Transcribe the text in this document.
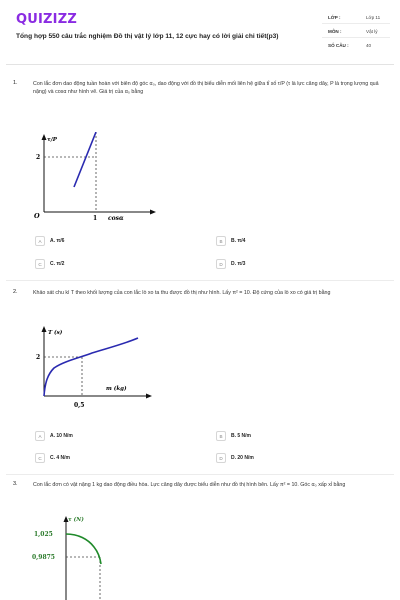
QUIZIZZ
Tổng hợp 550 câu trắc nghiệm Đồ thị vật lý lớp 11, 12 cực hay có lời giải chi tiết(p3)
LỚP :	Lớp 11
MÔN :	Vật lý
SỐ CÂU :	40
1.	Con lắc đơn dao động tuần hoàn với biên độ góc α₀, dao động với đồ thị biểu diễn mối liên hệ giữa tỉ số τ/P (τ là lực căng dây, P là trọng lượng quả nặng) và cosα như hình vẽ. Giá trị của α₀ bằng
τ/P
2
O	1 cosα
A	A. π/6	B	B. π/4
C	C. π/2	D	D. π/3
2.	Khảo sát chu kì T theo khối lượng của con lắc lò xo ta thu được đồ thị như hình. Lấy π² = 10. Độ cứng của lò xo có giá trị bằng
T (s)
2
m (kg)
0,5
A	A. 10 N/m	B	B. 5 N/m
C	C. 4 N/m	D	D. 20 N/m
3.	Con lắc đơn có vật nặng 1 kg dao động điều hòa. Lực căng dây được biểu diễn như đồ thị hình bên. Lấy π² = 10. Góc α₀ xấp xỉ bằng
τ (N)
1,025
0,9875
